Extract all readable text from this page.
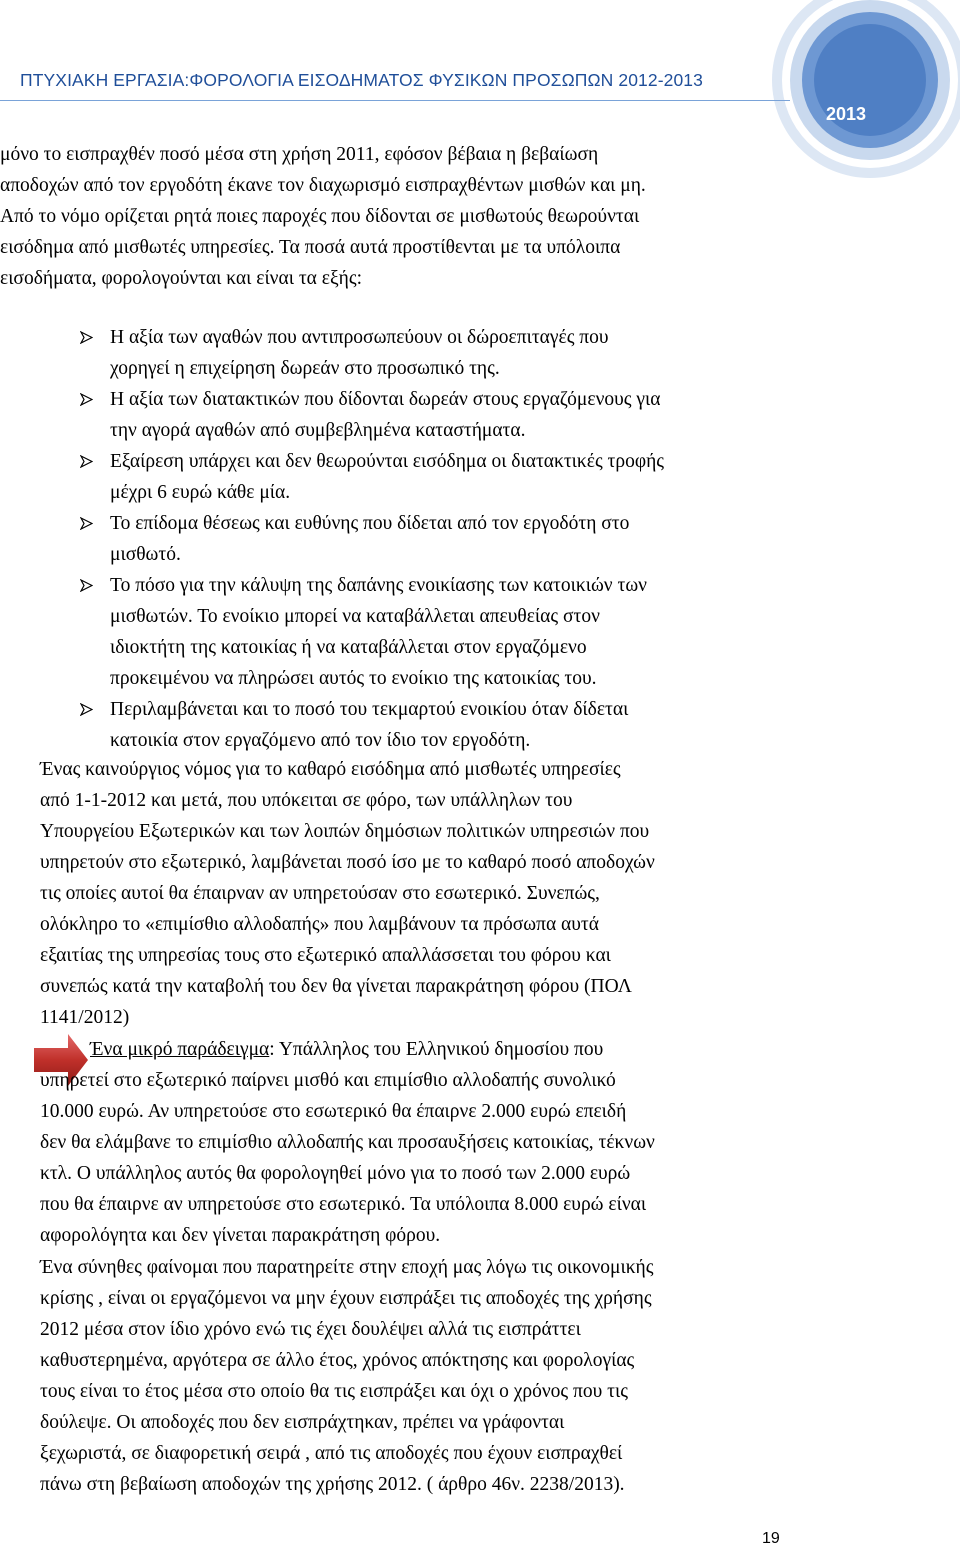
ΠΤΥΧΙΑΚΗ ΕΡΓΑΣΙΑ:ΦΟΡΟΛΟΓΙΑ ΕΙΣΟΔΗΜΑΤΟΣ ΦΥΣΙΚΩΝ ΠΡΟΣΩΠΩΝ 2012-2013
2013
μόνο το εισπραχθέν ποσό μέσα στη χρήση 2011, εφόσον βέβαια η βεβαίωση
αποδοχών από τον εργοδότη έκανε τον διαχωρισμό εισπραχθέντων μισθών και μη.
Από το νόμο ορίζεται ρητά ποιες παροχές που δίδονται σε μισθωτούς θεωρούνται
εισόδημα από μισθωτές υπηρεσίες. Τα ποσά αυτά προστίθενται με τα υπόλοιπα
εισοδήματα, φορολογούνται και είναι τα εξής:
Η αξία των αγαθών που αντιπροσωπεύουν οι δώροεπιταγές που
χορηγεί η επιχείρηση δωρεάν στο προσωπικό της.
Η αξία των διατακτικών που δίδονται δωρεάν στους εργαζόμενους για
την αγορά αγαθών από συμβεβλημένα καταστήματα.
Εξαίρεση υπάρχει και δεν θεωρούνται εισόδημα οι διατακτικές τροφής
μέχρι 6 ευρώ κάθε μία.
Το επίδομα θέσεως και ευθύνης που δίδεται από τον εργοδότη στο
μισθωτό.
Το πόσο για την κάλυψη της δαπάνης ενοικίασης των κατοικιών των
μισθωτών. Το ενοίκιο μπορεί να καταβάλλεται απευθείας στον
ιδιοκτήτη της κατοικίας ή να καταβάλλεται στον εργαζόμενο
προκειμένου να πληρώσει αυτός το ενοίκιο της κατοικίας του.
Περιλαμβάνεται και το ποσό του τεκμαρτού ενοικίου όταν δίδεται
κατοικία στον εργαζόμενο από τον ίδιο τον εργοδότη.
Ένας καινούργιος νόμος για το καθαρό εισόδημα από μισθωτές υπηρεσίες
από 1-1-2012 και μετά, που υπόκειται σε φόρο, των υπάλληλων του
Υπουργείου Εξωτερικών και των λοιπών δημόσιων πολιτικών υπηρεσιών που
υπηρετούν στο εξωτερικό, λαμβάνεται ποσό ίσο με το καθαρό ποσό αποδοχών
τις οποίες αυτοί θα έπαιρναν αν υπηρετούσαν στο εσωτερικό. Συνεπώς,
ολόκληρο το «επιμίσθιο αλλοδαπής» που λαμβάνουν τα πρόσωπα αυτά
εξαιτίας της υπηρεσίας τους στο εξωτερικό απαλλάσσεται του φόρου και
συνεπώς κατά την καταβολή του δεν θα γίνεται παρακράτηση φόρου (ΠΟΛ
1141/2012)
Ένα μικρό παράδειγμα: Υπάλληλος του Ελληνικού δημοσίου που
υπηρετεί στο εξωτερικό παίρνει μισθό και επιμίσθιο αλλοδαπής συνολικό
10.000 ευρώ. Αν υπηρετούσε στο εσωτερικό θα έπαιρνε 2.000 ευρώ επειδή
δεν θα ελάμβανε το επιμίσθιο αλλοδαπής και προσαυξήσεις κατοικίας, τέκνων
κτλ. Ο υπάλληλος αυτός θα φορολογηθεί μόνο για το ποσό των 2.000 ευρώ
που θα έπαιρνε αν υπηρετούσε στο εσωτερικό. Τα υπόλοιπα 8.000 ευρώ είναι
αφορολόγητα και δεν γίνεται παρακράτηση φόρου.
Ένα σύνηθες φαίνομαι που παρατηρείτε στην εποχή μας λόγω τις οικονομικής
κρίσης , είναι οι εργαζόμενοι να μην έχουν εισπράξει τις αποδοχές της χρήσης
2012 μέσα στον ίδιο χρόνο ενώ τις έχει δουλέψει αλλά τις εισπράττει
καθυστερημένα, αργότερα σε άλλο έτος, χρόνος απόκτησης και φορολογίας
τους είναι το έτος μέσα στο οποίο θα τις εισπράξει και όχι ο χρόνος που τις
δούλεψε. Οι αποδοχές που δεν εισπράχτηκαν, πρέπει να γράφονται
ξεχωριστά, σε διαφορετική σειρά , από τις αποδοχές που έχουν εισπραχθεί
πάνω στη βεβαίωση αποδοχών της χρήσης 2012. ( άρθρο 46ν. 2238/2013).
19
